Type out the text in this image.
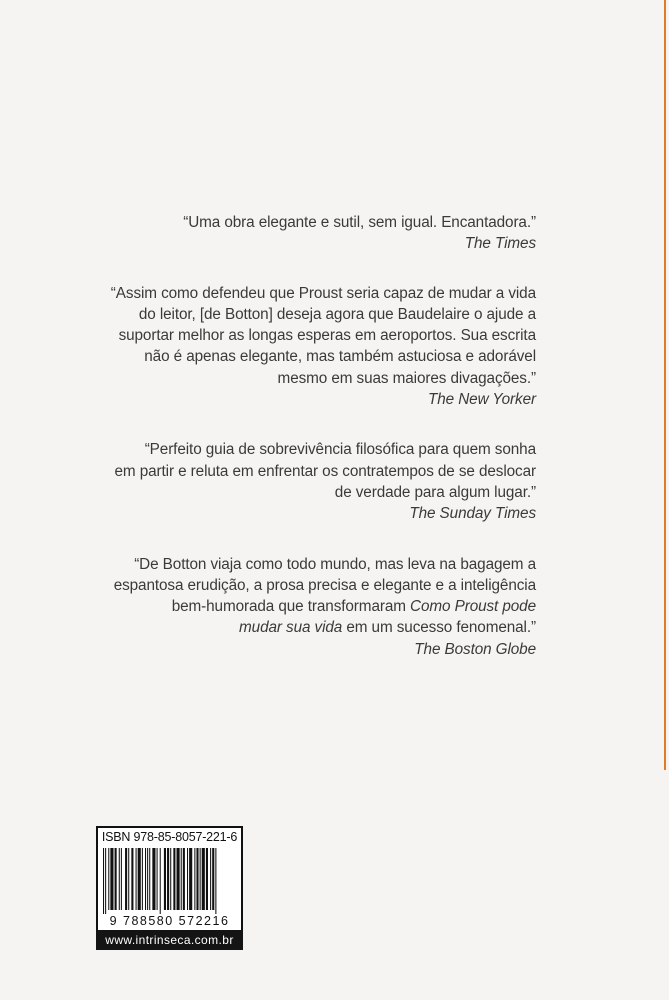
“Uma obra elegante e sutil, sem igual. Encantadora.”
The Times
“Assim como defendeu que Proust seria capaz de mudar a vida
do leitor, [de Botton] deseja agora que Baudelaire o ajude a
suportar melhor as longas esperas em aeroportos. Sua escrita
não é apenas elegante, mas também astuciosa e adorável
mesmo em suas maiores divagações.”
The New Yorker
“Perfeito guia de sobrevivência filosófica para quem sonha
em partir e reluta em enfrentar os contratempos de se deslocar
de verdade para algum lugar.”
The Sunday Times
“De Botton viaja como todo mundo, mas leva na bagagem a
espantosa erudição, a prosa precisa e elegante e a inteligência
bem-humorada que transformaram Como Proust pode
mudar sua vida em um sucesso fenomenal.”
The Boston Globe
ISBN 978-85-8057-221-6
9 788580 572216
www.intrinseca.com.br
